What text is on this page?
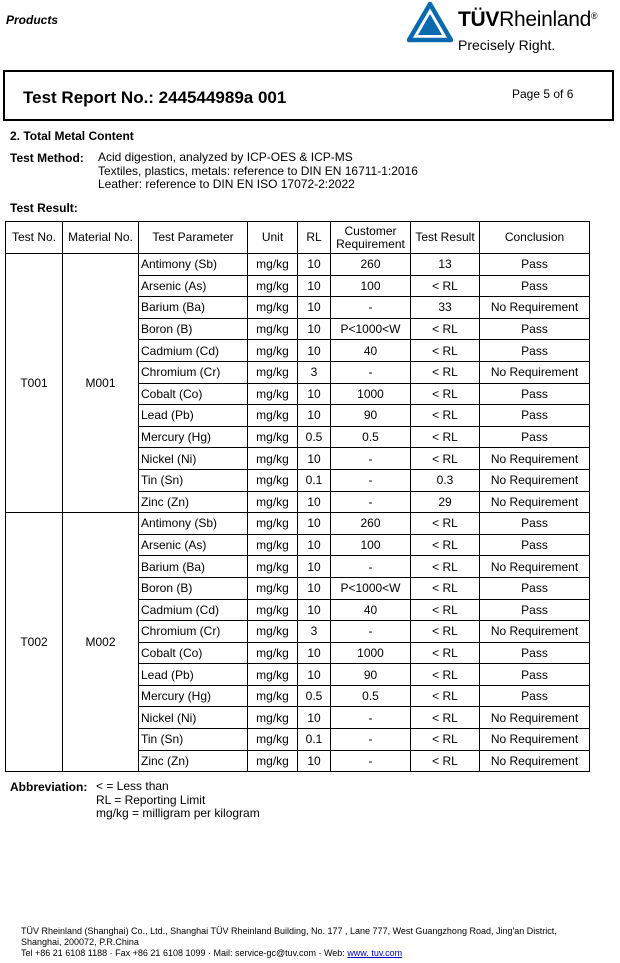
Products	TÜVRheinland®
Precisely Right.
Test Report No.: 244544989a 001	Page 5 of 6
2. Total Metal Content
Test Method: Acid digestion, analyzed by ICP-OES & ICP-MS
Textiles, plastics, metals: reference to DIN EN 16711-1:2016
Leather: reference to DIN EN ISO 17072-2:2022
Test Result:
Test No.	Material No.	Test Parameter	Unit	RL	Customer Requirement	Test Result	Conclusion
T001	M001	Antimony (Sb)	mg/kg	10	260	13	Pass
		Arsenic (As)	mg/kg	10	100	< RL	Pass
		Barium (Ba)	mg/kg	10	-	33	No Requirement
		Boron (B)	mg/kg	10	P<1000<W	< RL	Pass
		Cadmium (Cd)	mg/kg	10	40	< RL	Pass
		Chromium (Cr)	mg/kg	3	-	< RL	No Requirement
		Cobalt (Co)	mg/kg	10	1000	< RL	Pass
		Lead (Pb)	mg/kg	10	90	< RL	Pass
		Mercury (Hg)	mg/kg	0.5	0.5	< RL	Pass
		Nickel (Ni)	mg/kg	10	-	< RL	No Requirement
		Tin (Sn)	mg/kg	0.1	-	0.3	No Requirement
		Zinc (Zn)	mg/kg	10	-	29	No Requirement
T002	M002	Antimony (Sb)	mg/kg	10	260	< RL	Pass
		Arsenic (As)	mg/kg	10	100	< RL	Pass
		Barium (Ba)	mg/kg	10	-	< RL	No Requirement
		Boron (B)	mg/kg	10	P<1000<W	< RL	Pass
		Cadmium (Cd)	mg/kg	10	40	< RL	Pass
		Chromium (Cr)	mg/kg	3	-	< RL	No Requirement
		Cobalt (Co)	mg/kg	10	1000	< RL	Pass
		Lead (Pb)	mg/kg	10	90	< RL	Pass
		Mercury (Hg)	mg/kg	0.5	0.5	< RL	Pass
		Nickel (Ni)	mg/kg	10	-	< RL	No Requirement
		Tin (Sn)	mg/kg	0.1	-	< RL	No Requirement
		Zinc (Zn)	mg/kg	10	-	< RL	No Requirement
Abbreviation: < = Less than
RL = Reporting Limit
mg/kg = milligram per kilogram
TÜV Rheinland (Shanghai) Co., Ltd., Shanghai TÜV Rheinland Building, No. 177 , Lane 777, West Guangzhong Road, Jing'an District,
Shanghai, 200072, P.R.China
Tel +86 21 6108 1188 · Fax +86 21 6108 1099 · Mail: service-gc@tuv.com · Web: www. tuv.com
